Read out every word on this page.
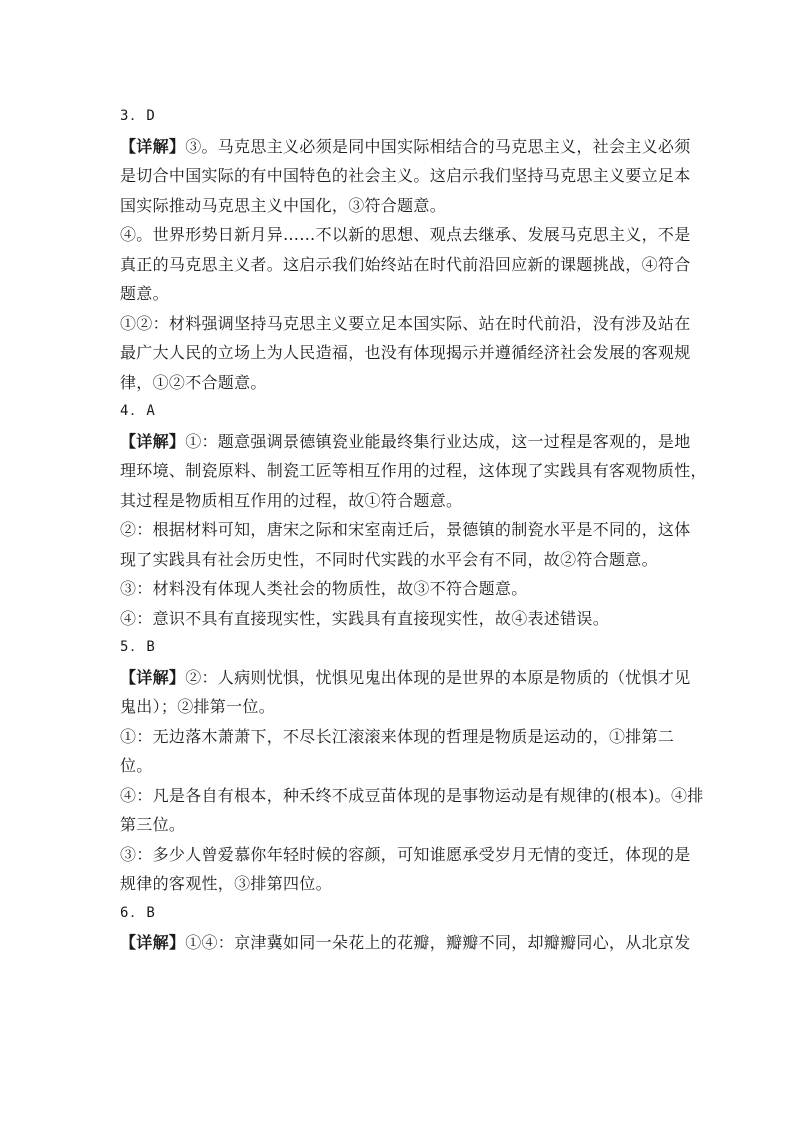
3．D
【详解】③。马克思主义必须是同中国实际相结合的马克思主义，社会主义必须
是切合中国实际的有中国特色的社会主义。这启示我们坚持马克思主义要立足本
国实际推动马克思主义中国化，③符合题意。
④。世界形势日新月异……不以新的思想、观点去继承、发展马克思主义，不是
真正的马克思主义者。这启示我们始终站在时代前沿回应新的课题挑战，④符合
题意。
①②：材料强调坚持马克思主义要立足本国实际、站在时代前沿，没有涉及站在
最广大人民的立场上为人民造福，也没有体现揭示并遵循经济社会发展的客观规
律，①②不合题意。
4．A
【详解】①：题意强调景德镇瓷业能最终集行业达成，这一过程是客观的，是地
理环境、制瓷原料、制瓷工匠等相互作用的过程，这体现了实践具有客观物质性，
其过程是物质相互作用的过程，故①符合题意。
②：根据材料可知，唐宋之际和宋室南迁后，景德镇的制瓷水平是不同的，这体
现了实践具有社会历史性，不同时代实践的水平会有不同，故②符合题意。
③：材料没有体现人类社会的物质性，故③不符合题意。
④：意识不具有直接现实性，实践具有直接现实性，故④表述错误。
5．B
【详解】②：人病则忧惧，忧惧见鬼出体现的是世界的本原是物质的（忧惧才见
鬼出）；②排第一位。
①：无边落木萧萧下，不尽长江滚滚来体现的哲理是物质是运动的，①排第二
位。
④：凡是各自有根本，种禾终不成豆苗体现的是事物运动是有规律的(根本)。④排
第三位。
③：多少人曾爱慕你年轻时候的容颜，可知谁愿承受岁月无情的变迁，体现的是
规律的客观性，③排第四位。
6．B
【详解】①④：京津冀如同一朵花上的花瓣，瓣瓣不同，却瓣瓣同心，从北京发
